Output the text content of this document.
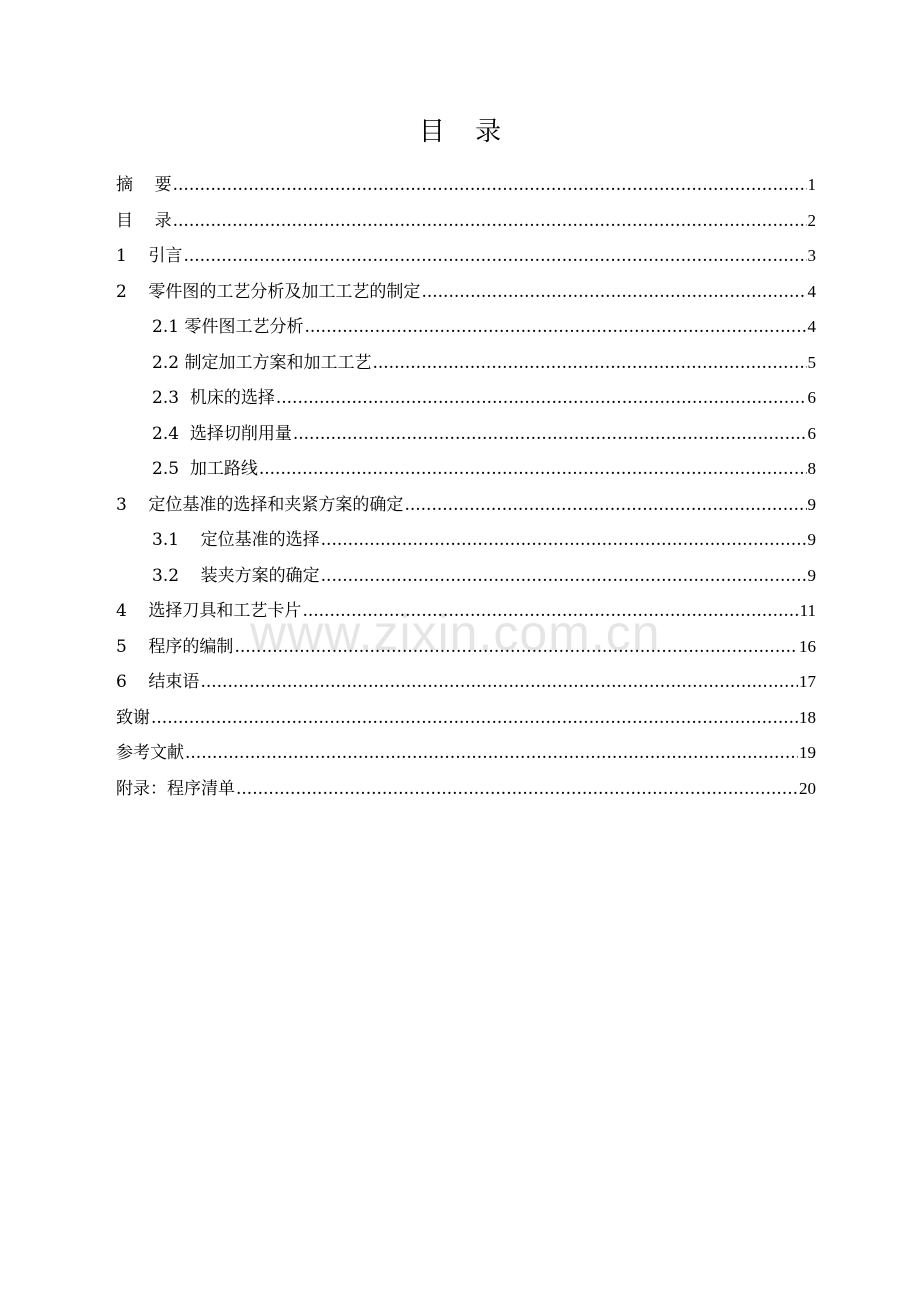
目 录
摘    要 .....	1
目    录 .....	2
1    引言 .....	3
2    零件图的工艺分析及加工工艺的制定 .....	4
2.1 零件图工艺分析 .....	4
2.2 制定加工方案和加工工艺 .....	5
2.3  机床的选择 .....	6
2.4  选择切削用量 .....	6
2.5  加工路线 .....	8
3    定位基准的选择和夹紧方案的确定 .....	9
3.1    定位基准的选择 .....	9
3.2    装夹方案的确定 .....	9
4    选择刀具和工艺卡片 .....	11
5    程序的编制 .....	16
6    结束语 .....	17
致谢 .....	18
参考文献 .....	19
附录：程序清单 .....	20
www.zixin.com.cn
